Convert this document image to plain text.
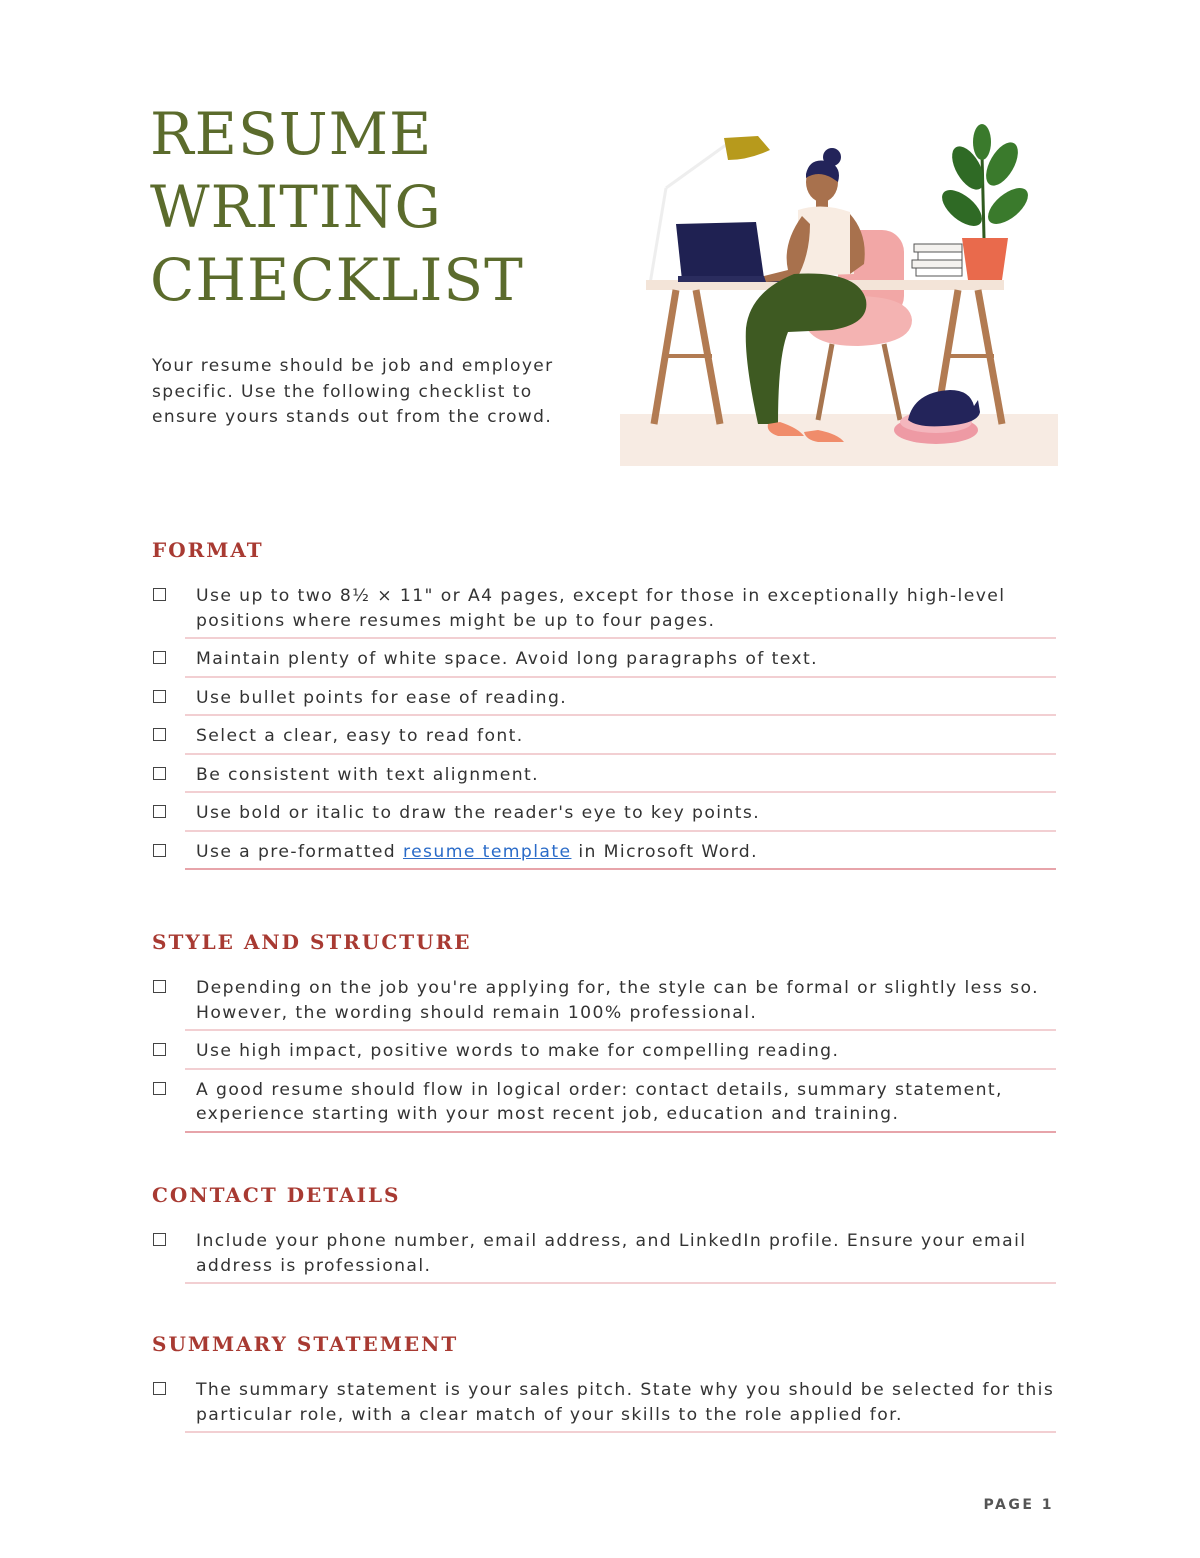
RESUME
WRITING
CHECKLIST

Your resume should be job and employer specific. Use the following checklist to ensure yours stands out from the crowd.

FORMAT
Use up to two 8½ × 11" or A4 pages, except for those in exceptionally high-level positions where resumes might be up to four pages.
Maintain plenty of white space. Avoid long paragraphs of text.
Use bullet points for ease of reading.
Select a clear, easy to read font.
Be consistent with text alignment.
Use bold or italic to draw the reader's eye to key points.
Use a pre-formatted resume template in Microsoft Word.
STYLE AND STRUCTURE
Depending on the job you're applying for, the style can be formal or slightly less so. However, the wording should remain 100% professional.
Use high impact, positive words to make for compelling reading.
A good resume should flow in logical order: contact details, summary statement, experience starting with your most recent job, education and training.
CONTACT DETAILS
Include your phone number, email address, and LinkedIn profile. Ensure your email address is professional.
SUMMARY STATEMENT
The summary statement is your sales pitch. State why you should be selected for this particular role, with a clear match of your skills to the role applied for.
PAGE 1
